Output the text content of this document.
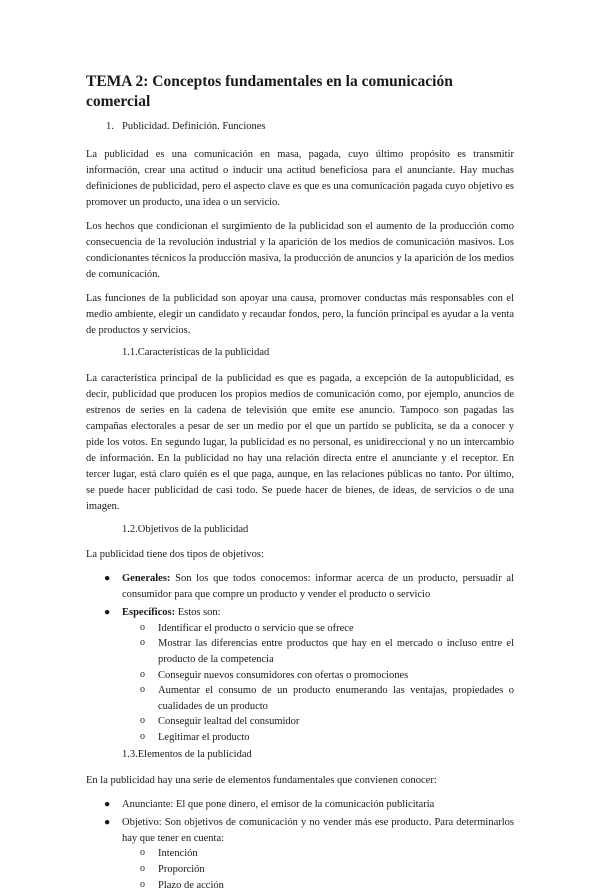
TEMA 2: Conceptos fundamentales en la comunicación comercial
1. Publicidad. Definición. Funciones

La publicidad es una comunicación en masa, pagada, cuyo último propósito es transmitir información, crear una actitud o inducir una actitud beneficiosa para el anunciante. Hay muchas definiciones de publicidad, pero el aspecto clave es que es una comunicación pagada cuyo objetivo es promover un producto, una idea o un servicio.

Los hechos que condicionan el surgimiento de la publicidad son el aumento de la producción como consecuencia de la revolución industrial y la aparición de los medios de comunicación masivos. Los condicionantes técnicos la producción masiva, la producción de anuncios y la aparición de los medios de comunicación.

Las funciones de la publicidad son apoyar una causa, promover conductas más responsables con el medio ambiente, elegir un candidato y recaudar fondos, pero, la función principal es ayudar a la venta de productos y servicios.

1.1.Características de la publicidad

La característica principal de la publicidad es que es pagada, a excepción de la autopublicidad, es decir, publicidad que producen los propios medios de comunicación como, por ejemplo, anuncios de estrenos de series en la cadena de televisión que emite ese anuncio. Tampoco son pagadas las campañas electorales a pesar de ser un medio por el que un partido se publicita, se da a conocer y pide los votos. En segundo lugar, la publicidad es no personal, es unidireccional y no un intercambio de información. En la publicidad no hay una relación directa entre el anunciante y el receptor. En tercer lugar, está claro quién es el que paga, aunque, en las relaciones públicas no tanto. Por último, se puede hacer publicidad de casi todo. Se puede hacer de bienes, de ideas, de servicios o de una imagen.

1.2.Objetivos de la publicidad

La publicidad tiene dos tipos de objetivos:

● Generales: Son los que todos conocemos: informar acerca de un producto, persuadir al consumidor para que compre un producto y vender el producto o servicio
● Específicos: Estos son:
o Identificar el producto o servicio que se ofrece
o Mostrar las diferencias entre productos que hay en el mercado o incluso entre el producto de la competencia
o Conseguir nuevos consumidores con ofertas o promociones
o Aumentar el consumo de un producto enumerando las ventajas, propiedades o cualidades de un producto
o Conseguir lealtad del consumidor
o Legitimar el producto
1.3.Elementos de la publicidad

En la publicidad hay una serie de elementos fundamentales que convienen conocer:

● Anunciante: El que pone dinero, el emisor de la comunicación publicitaria
● Objetivo: Son objetivos de comunicación y no vender más ese producto. Para determinarlos hay que tener en cuenta:
o Intención
o Proporción
o Plazo de acción
